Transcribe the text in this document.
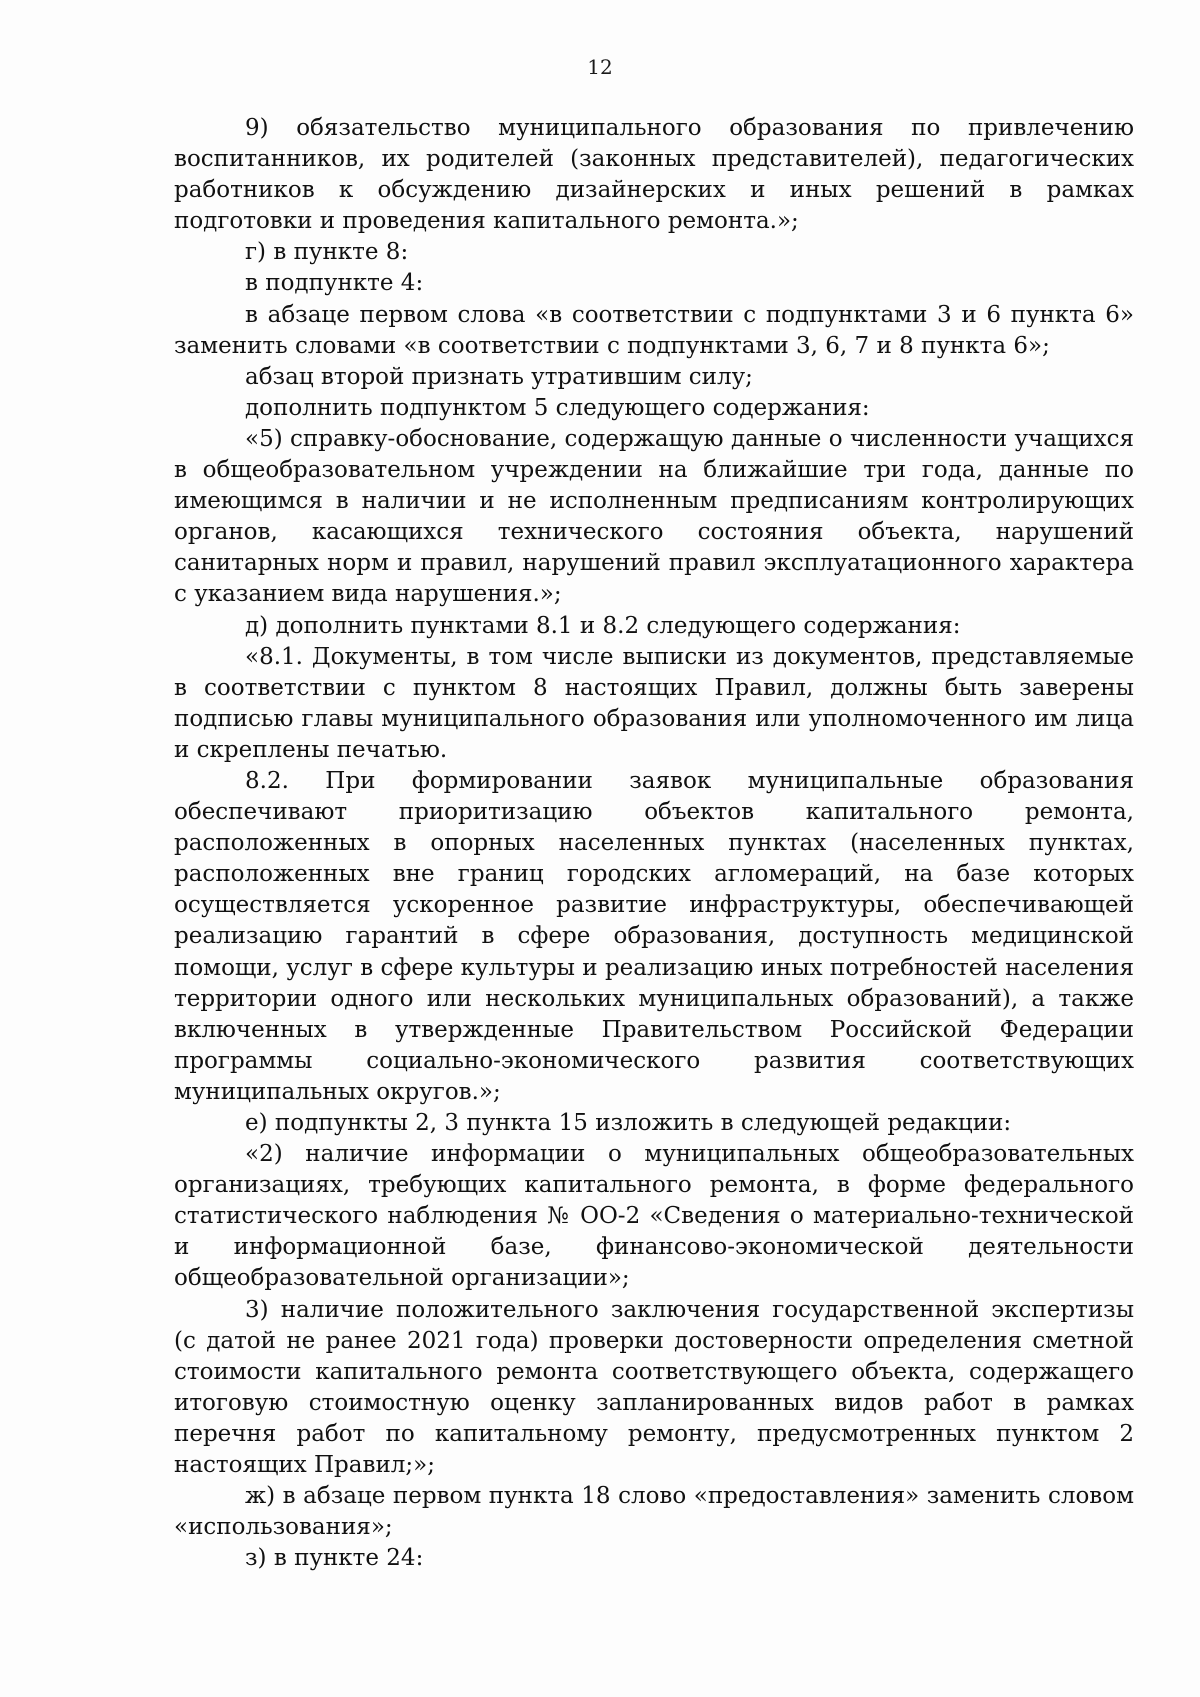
12

9) обязательство муниципального образования по привлечению воспитанников, их родителей (законных представителей), педагогических работников к обсуждению дизайнерских и иных решений в рамках подготовки и проведения капитального ремонта.»;

г) в пункте 8:

в подпункте 4:

в абзаце первом слова «в соответствии с подпунктами 3 и 6 пункта 6» заменить словами «в соответствии с подпунктами 3, 6, 7 и 8 пункта 6»;

абзац второй признать утратившим силу;

дополнить подпунктом 5 следующего содержания:

«5) справку-обоснование, содержащую данные о численности учащихся в общеобразовательном учреждении на ближайшие три года, данные по имеющимся в наличии и не исполненным предписаниям контролирующих органов, касающихся технического состояния объекта, нарушений санитарных норм и правил, нарушений правил эксплуатационного характера с указанием вида нарушения.»;

д) дополнить пунктами 8.1 и 8.2 следующего содержания:

«8.1. Документы, в том числе выписки из документов, представляемые в соответствии с пунктом 8 настоящих Правил, должны быть заверены подписью главы муниципального образования или уполномоченного им лица и скреплены печатью.

8.2. При формировании заявок муниципальные образования обеспечивают приоритизацию объектов капитального ремонта, расположенных в опорных населенных пунктах (населенных пунктах, расположенных вне границ городских агломераций, на базе которых осуществляется ускоренное развитие инфраструктуры, обеспечивающей реализацию гарантий в сфере образования, доступность медицинской помощи, услуг в сфере культуры и реализацию иных потребностей населения территории одного или нескольких муниципальных образований), а также включенных в утвержденные Правительством Российской Федерации программы социально-экономического развития соответствующих муниципальных округов.»;

е) подпункты 2, 3 пункта 15 изложить в следующей редакции:

«2) наличие информации о муниципальных общеобразовательных организациях, требующих капитального ремонта, в форме федерального статистического наблюдения № ОО-2 «Сведения о материально-технической и информационной базе, финансово-экономической деятельности общеобразовательной организации»;

3) наличие положительного заключения государственной экспертизы (с датой не ранее 2021 года) проверки достоверности определения сметной стоимости капитального ремонта соответствующего объекта, содержащего итоговую стоимостную оценку запланированных видов работ в рамках перечня работ по капитальному ремонту, предусмотренных пунктом 2 настоящих Правил;»;

ж) в абзаце первом пункта 18 слово «предоставления» заменить словом «использования»;

з) в пункте 24:
